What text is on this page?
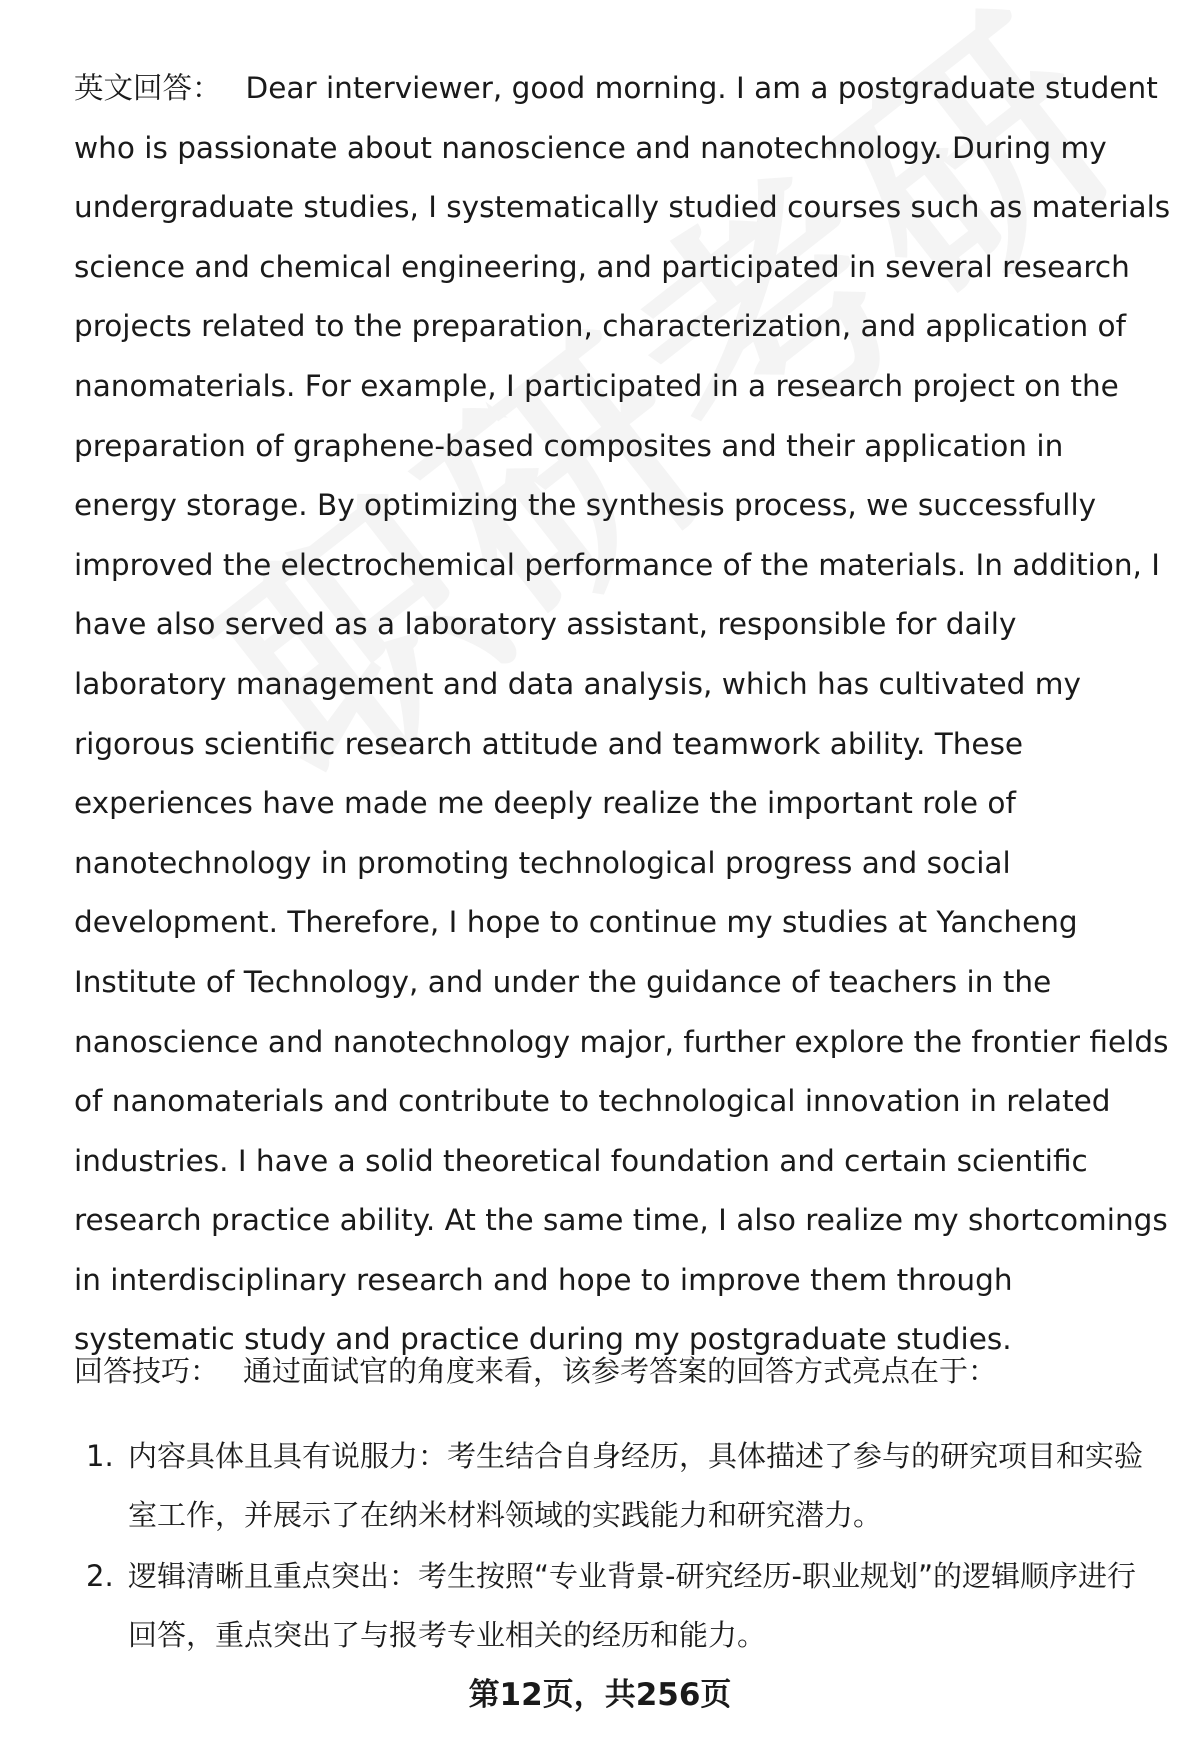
英文回答： Dear interviewer, good morning. I am a postgraduate student who is passionate about nanoscience and nanotechnology. During my undergraduate studies, I systematically studied courses such as materials science and chemical engineering, and participated in several research projects related to the preparation, characterization, and application of nanomaterials. For example, I participated in a research project on the preparation of graphene-based composites and their application in energy storage. By optimizing the synthesis process, we successfully improved the electrochemical performance of the materials. In addition, I have also served as a laboratory assistant, responsible for daily laboratory management and data analysis, which has cultivated my rigorous scientific research attitude and teamwork ability. These experiences have made me deeply realize the important role of nanotechnology in promoting technological progress and social development. Therefore, I hope to continue my studies at Yancheng Institute of Technology, and under the guidance of teachers in the nanoscience and nanotechnology major, further explore the frontier fields of nanomaterials and contribute to technological innovation in related industries. I have a solid theoretical foundation and certain scientific research practice ability. At the same time, I also realize my shortcomings in interdisciplinary research and hope to improve them through systematic study and practice during my postgraduate studies.

回答技巧： 通过面试官的角度来看，该参考答案的回答方式亮点在于：

1. 内容具体且具有说服力：考生结合自身经历，具体描述了参与的研究项目和实验室工作，并展示了在纳米材料领域的实践能力和研究潜力。
2. 逻辑清晰且重点突出：考生按照“专业背景-研究经历-职业规划”的逻辑顺序进行回答，重点突出了与报考专业相关的经历和能力。
第12页，共256页
